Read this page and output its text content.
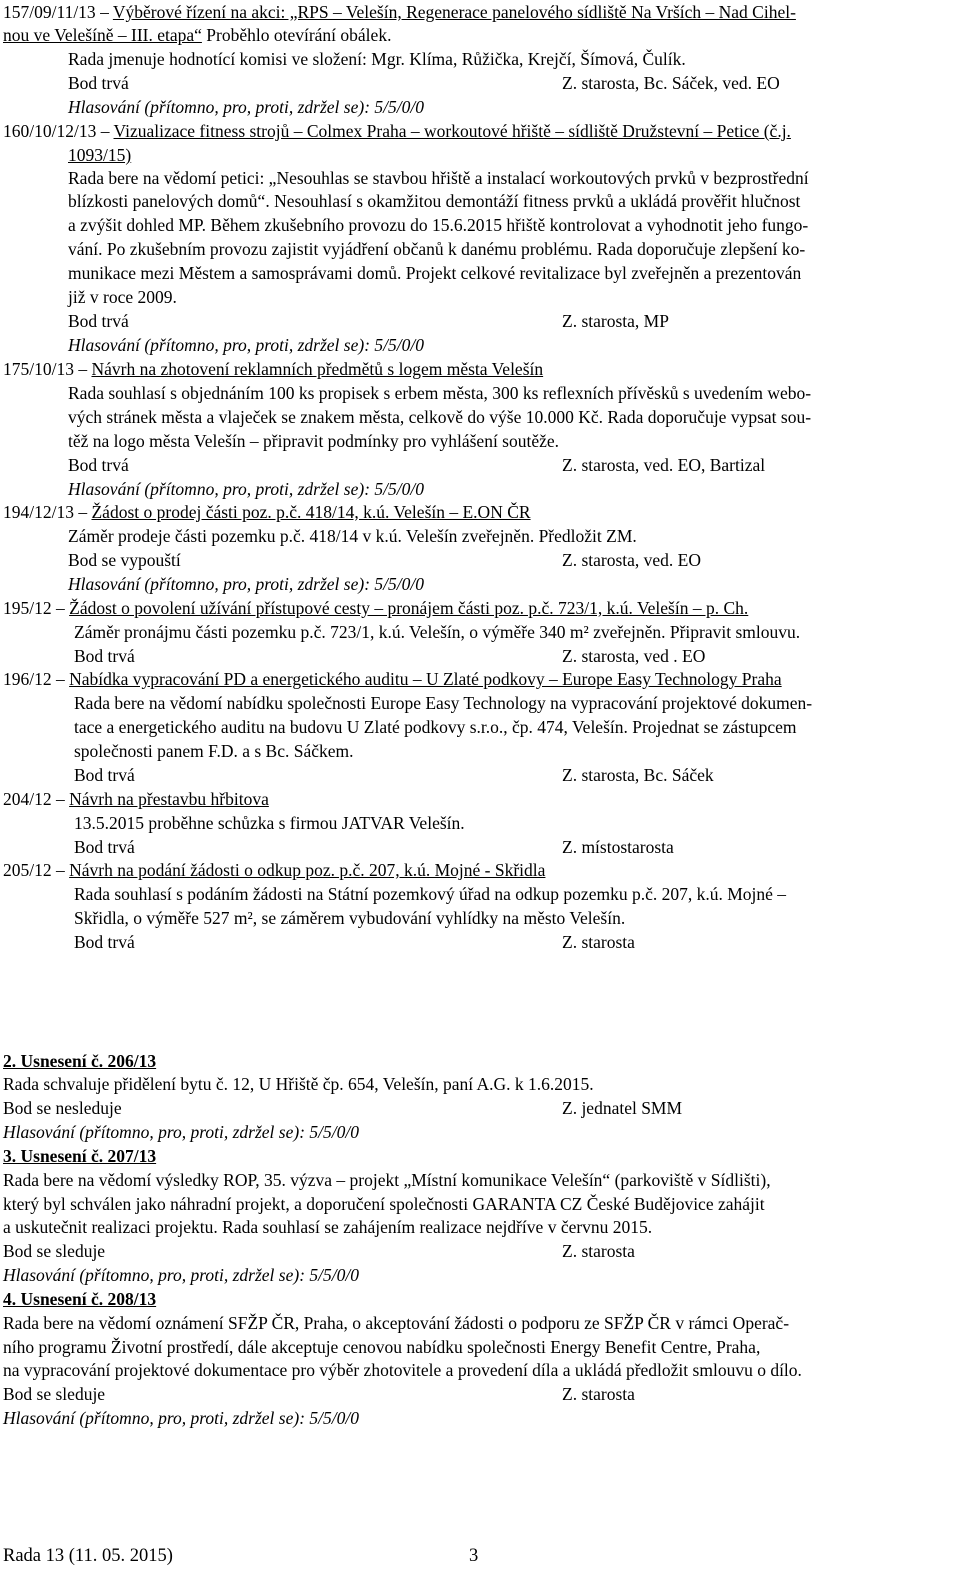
157/09/11/13 – Výběrové řízení na akci: „RPS – Velešín, Regenerace panelového sídliště Na Vrších – Nad Cihel-
nou ve Velešíně – III. etapa“ Proběhlo otevírání obálek.
Rada jmenuje hodnotící komisi ve složení: Mgr. Klíma, Růžička, Krejčí, Šímová, Čulík.
Bod trvá	Z. starosta, Bc. Sáček, ved. EO
Hlasování (přítomno, pro, proti, zdržel se): 5/5/0/0
160/10/12/13 – Vizualizace fitness strojů – Colmex Praha – workoutové hřiště – sídliště Družstevní – Petice (č.j.
1093/15)
Rada bere na vědomí petici: „Nesouhlas se stavbou hřiště a instalací workoutových prvků v bezprostřední
blízkosti panelových domů“. Nesouhlasí s okamžitou demontáží fitness prvků a ukládá prověřit hlučnost
a zvýšit dohled MP. Během zkušebního provozu do 15.6.2015 hřiště kontrolovat a vyhodnotit jeho fungo-
vání. Po zkušebním provozu zajistit vyjádření občanů k danému problému. Rada doporučuje zlepšení ko-
munikace mezi Městem a samosprávami domů. Projekt celkové revitalizace byl zveřejněn a prezentován
již v roce 2009.
Bod trvá	Z. starosta, MP
Hlasování (přítomno, pro, proti, zdržel se): 5/5/0/0
175/10/13 – Návrh na zhotovení reklamních předmětů s logem města Velešín
Rada souhlasí s objednáním 100 ks propisek s erbem města, 300 ks reflexních přívěsků s uvedením webo-
vých stránek města a vlaječek se znakem města, celkově do výše 10.000 Kč. Rada doporučuje vypsat sou-
těž na logo města Velešín – připravit podmínky pro vyhlášení soutěže.
Bod trvá	Z. starosta, ved. EO, Bartizal
Hlasování (přítomno, pro, proti, zdržel se): 5/5/0/0
194/12/13 – Žádost o prodej části poz. p.č. 418/14, k.ú. Velešín – E.ON ČR
Záměr prodeje části pozemku p.č. 418/14 v k.ú. Velešín zveřejněn. Předložit ZM.
Bod se vypouští	Z. starosta, ved. EO
Hlasování (přítomno, pro, proti, zdržel se): 5/5/0/0
195/12 – Žádost o povolení užívání přístupové cesty – pronájem části poz. p.č. 723/1, k.ú. Velešín – p. Ch.
Záměr pronájmu části pozemku p.č. 723/1, k.ú. Velešín, o výměře 340 m² zveřejněn. Připravit smlouvu.
Bod trvá	Z. starosta, ved . EO
196/12 – Nabídka vypracování PD a energetického auditu – U Zlaté podkovy – Europe Easy Technology Praha
Rada bere na vědomí nabídku společnosti Europe Easy Technology na vypracování projektové dokumen-
tace a energetického auditu na budovu U Zlaté podkovy s.r.o., čp. 474, Velešín. Projednat se zástupcem
společnosti panem F.D. a s Bc. Sáčkem.
Bod trvá	Z. starosta, Bc. Sáček
204/12 – Návrh na přestavbu hřbitova
13.5.2015 proběhne schůzka s firmou JATVAR Velešín.
Bod trvá	Z. místostarosta
205/12 – Návrh na podání žádosti o odkup poz. p.č. 207, k.ú. Mojné - Skřidla
Rada souhlasí s podáním žádosti na Státní pozemkový úřad na odkup pozemku p.č. 207, k.ú. Mojné –
Skřidla, o výměře 527 m², se záměrem vybudování vyhlídky na město Velešín.
Bod trvá	Z. starosta
2. Usnesení č. 206/13
Rada schvaluje přidělení bytu č. 12, U Hřiště čp. 654, Velešín, paní A.G. k 1.6.2015.
Bod se nesleduje	Z. jednatel SMM
Hlasování (přítomno, pro, proti, zdržel se): 5/5/0/0
3. Usnesení č. 207/13
Rada bere na vědomí výsledky ROP, 35. výzva – projekt „Místní komunikace Velešín“ (parkoviště v Sídlišti),
který byl schválen jako náhradní projekt, a doporučení společnosti GARANTA CZ České Budějovice zahájit
a uskutečnit realizaci projektu. Rada souhlasí se zahájením realizace nejdříve v červnu 2015.
Bod se sleduje	Z. starosta
Hlasování (přítomno, pro, proti, zdržel se): 5/5/0/0
4. Usnesení č. 208/13
Rada bere na vědomí oznámení SFŽP ČR, Praha, o akceptování žádosti o podporu ze SFŽP ČR v rámci Operač-
ního programu Životní prostředí, dále akceptuje cenovou nabídku společnosti Energy Benefit Centre, Praha,
na vypracování projektové dokumentace pro výběr zhotovitele a provedení díla a ukládá předložit smlouvu o dílo.
Bod se sleduje	Z. starosta
Hlasování (přítomno, pro, proti, zdržel se): 5/5/0/0
Rada 13 (11. 05. 2015)	3
